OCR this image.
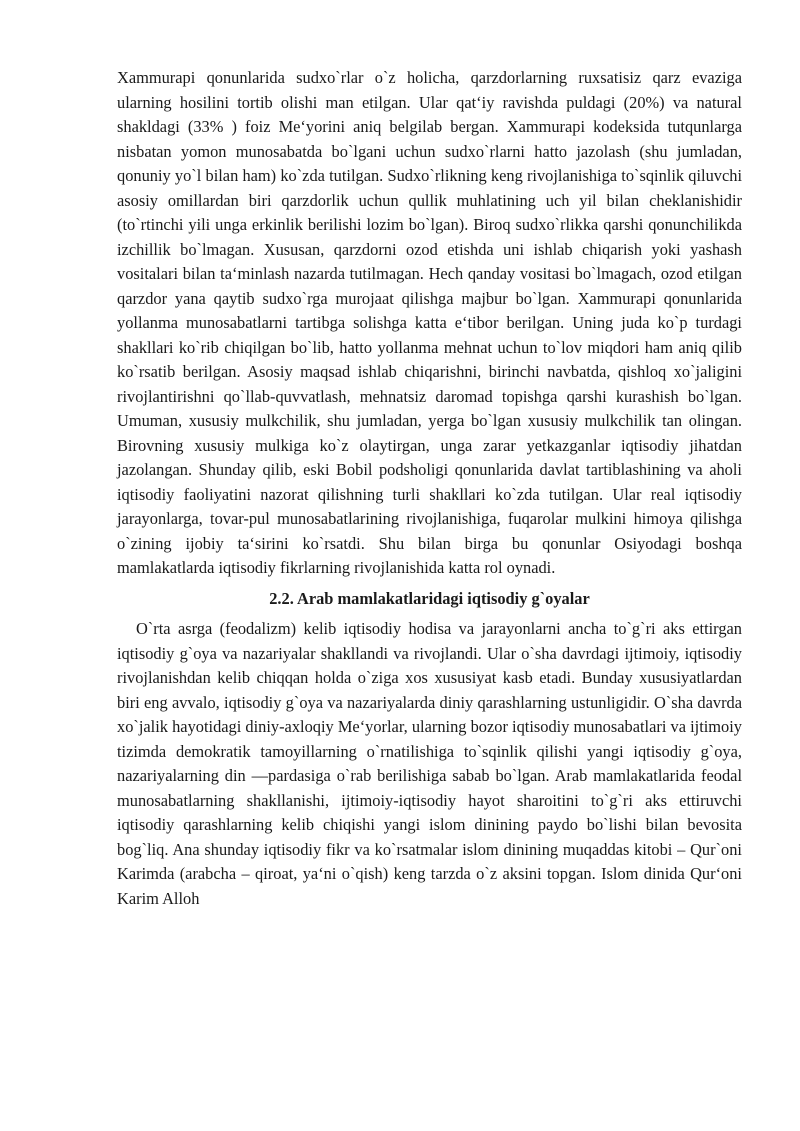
Xammurapi qonunlarida sudxo`rlar o`z holicha, qarzdorlarning ruxsatisiz qarz evaziga ularning hosilini tortib olishi man etilgan. Ular qat‘iy ravishda puldagi (20%) va natural shakldagi (33% ) foiz Me‘yorini aniq belgilab bergan. Xammurapi kodeksida tutqunlarga nisbatan yomon munosabatda bo`lgani uchun sudxo`rlarni hatto jazolash (shu jumladan, qonuniy yo`l bilan ham) ko`zda tutilgan. Sudxo`rlikning keng rivojlanishiga to`sqinlik qiluvchi asosiy omillardan biri qarzdorlik uchun qullik muhlatining uch yil bilan cheklanishidir (to`rtinchi yili unga erkinlik berilishi lozim bo`lgan). Biroq sudxo`rlikka qarshi qonunchilikda izchillik bo`lmagan. Xususan, qarzdorni ozod etishda uni ishlab chiqarish yoki yashash vositalari bilan ta‘minlash nazarda tutilmagan. Hech qanday vositasi bo`lmagach, ozod etilgan qarzdor yana qaytib sudxo`rga murojaat qilishga majbur bo`lgan. Xammurapi qonunlarida yollanma munosabatlarni tartibga solishga katta e‘tibor berilgan. Uning juda ko`p turdagi shakllari ko`rib chiqilgan bo`lib, hatto yollanma mehnat uchun to`lov miqdori ham aniq qilib ko`rsatib berilgan. Asosiy maqsad ishlab chiqarishni, birinchi navbatda, qishloq xo`jaligini rivojlantirishni qo`llab-quvvatlash, mehnatsiz daromad topishga qarshi kurashish bo`lgan. Umuman, xususiy mulkchilik, shu jumladan, yerga bo`lgan xususiy mulkchilik tan olingan. Birovning xususiy mulkiga ko`z olaytirgan, unga zarar yetkazganlar iqtisodiy jihatdan jazolangan. Shunday qilib, eski Bobil podsholigi qonunlarida davlat tartiblashining va aholi iqtisodiy faoliyatini nazorat qilishning turli shakllari ko`zda tutilgan. Ular real iqtisodiy jarayonlarga, tovar-pul munosabatlarining rivojlanishiga, fuqarolar mulkini himoya qilishga o`zining ijobiy ta‘sirini ko`rsatdi. Shu bilan birga bu qonunlar Osiyodagi boshqa mamlakatlarda iqtisodiy fikrlarning rivojlanishida katta rol oynadi.

2.2. Arab mamlakatlaridagi iqtisodiy g`oyalar

O`rta asrga (feodalizm) kelib iqtisodiy hodisa va jarayonlarni ancha to`g`ri aks ettirgan iqtisodiy g`oya va nazariyalar shakllandi va rivojlandi. Ular o`sha davrdagi ijtimoiy, iqtisodiy rivojlanishdan kelib chiqqan holda o`ziga xos xususiyat kasb etadi. Bunday xususiyatlardan biri eng avvalo, iqtisodiy g`oya va nazariyalarda diniy qarashlarning ustunligidir. O`sha davrda xo`jalik hayotidagi diniy-axloqiy Me‘yorlar, ularning bozor iqtisodiy munosabatlari va ijtimoiy tizimda demokratik tamoyillarning o`rnatilishiga to`sqinlik qilishi yangi iqtisodiy g`oya, nazariyalarning din —pardasiga o`rab berilishiga sabab bo`lgan. Arab mamlakatlarida feodal munosabatlarning shakllanishi, ijtimoiy-iqtisodiy hayot sharoitini to`g`ri aks ettiruvchi iqtisodiy qarashlarning kelib chiqishi yangi islom dinining paydo bo`lishi bilan bevosita bog`liq. Ana shunday iqtisodiy fikr va ko`rsatmalar islom dinining muqaddas kitobi – Qur`oni Karimda (arabcha – qiroat, ya‘ni o`qish) keng tarzda o`z aksini topgan. Islom dinida Qur‘oni Karim Alloh
